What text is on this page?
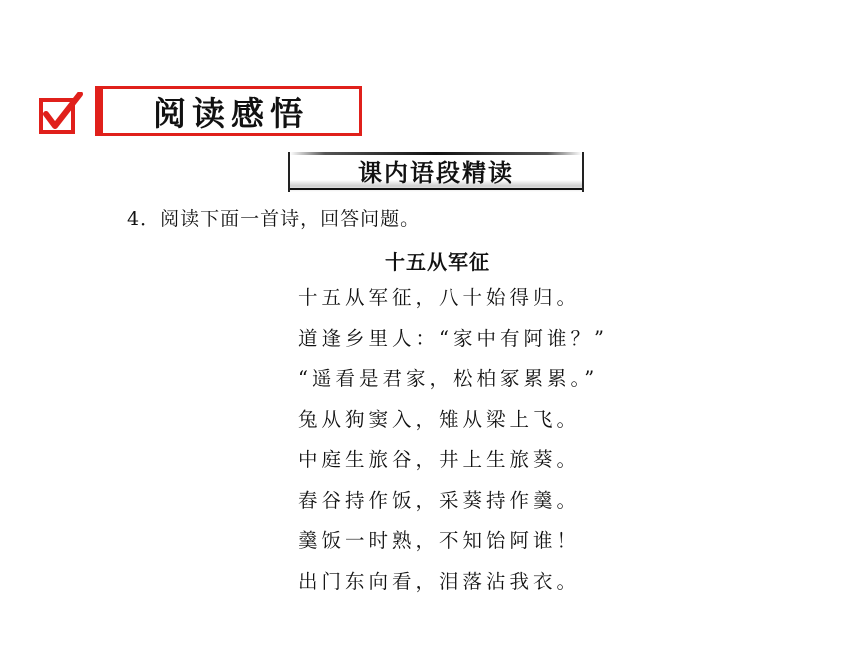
阅读感悟
课内语段精读
4．阅读下面一首诗，回答问题。
十五从军征
十五从军征，八十始得归。
道逢乡里人：“家中有阿谁？”
“遥看是君家，松柏冢累累。”
兔从狗窦入，雉从梁上飞。
中庭生旅谷，井上生旅葵。
舂谷持作饭，采葵持作羹。
羹饭一时熟，不知饴阿谁！
出门东向看，泪落沾我衣。
